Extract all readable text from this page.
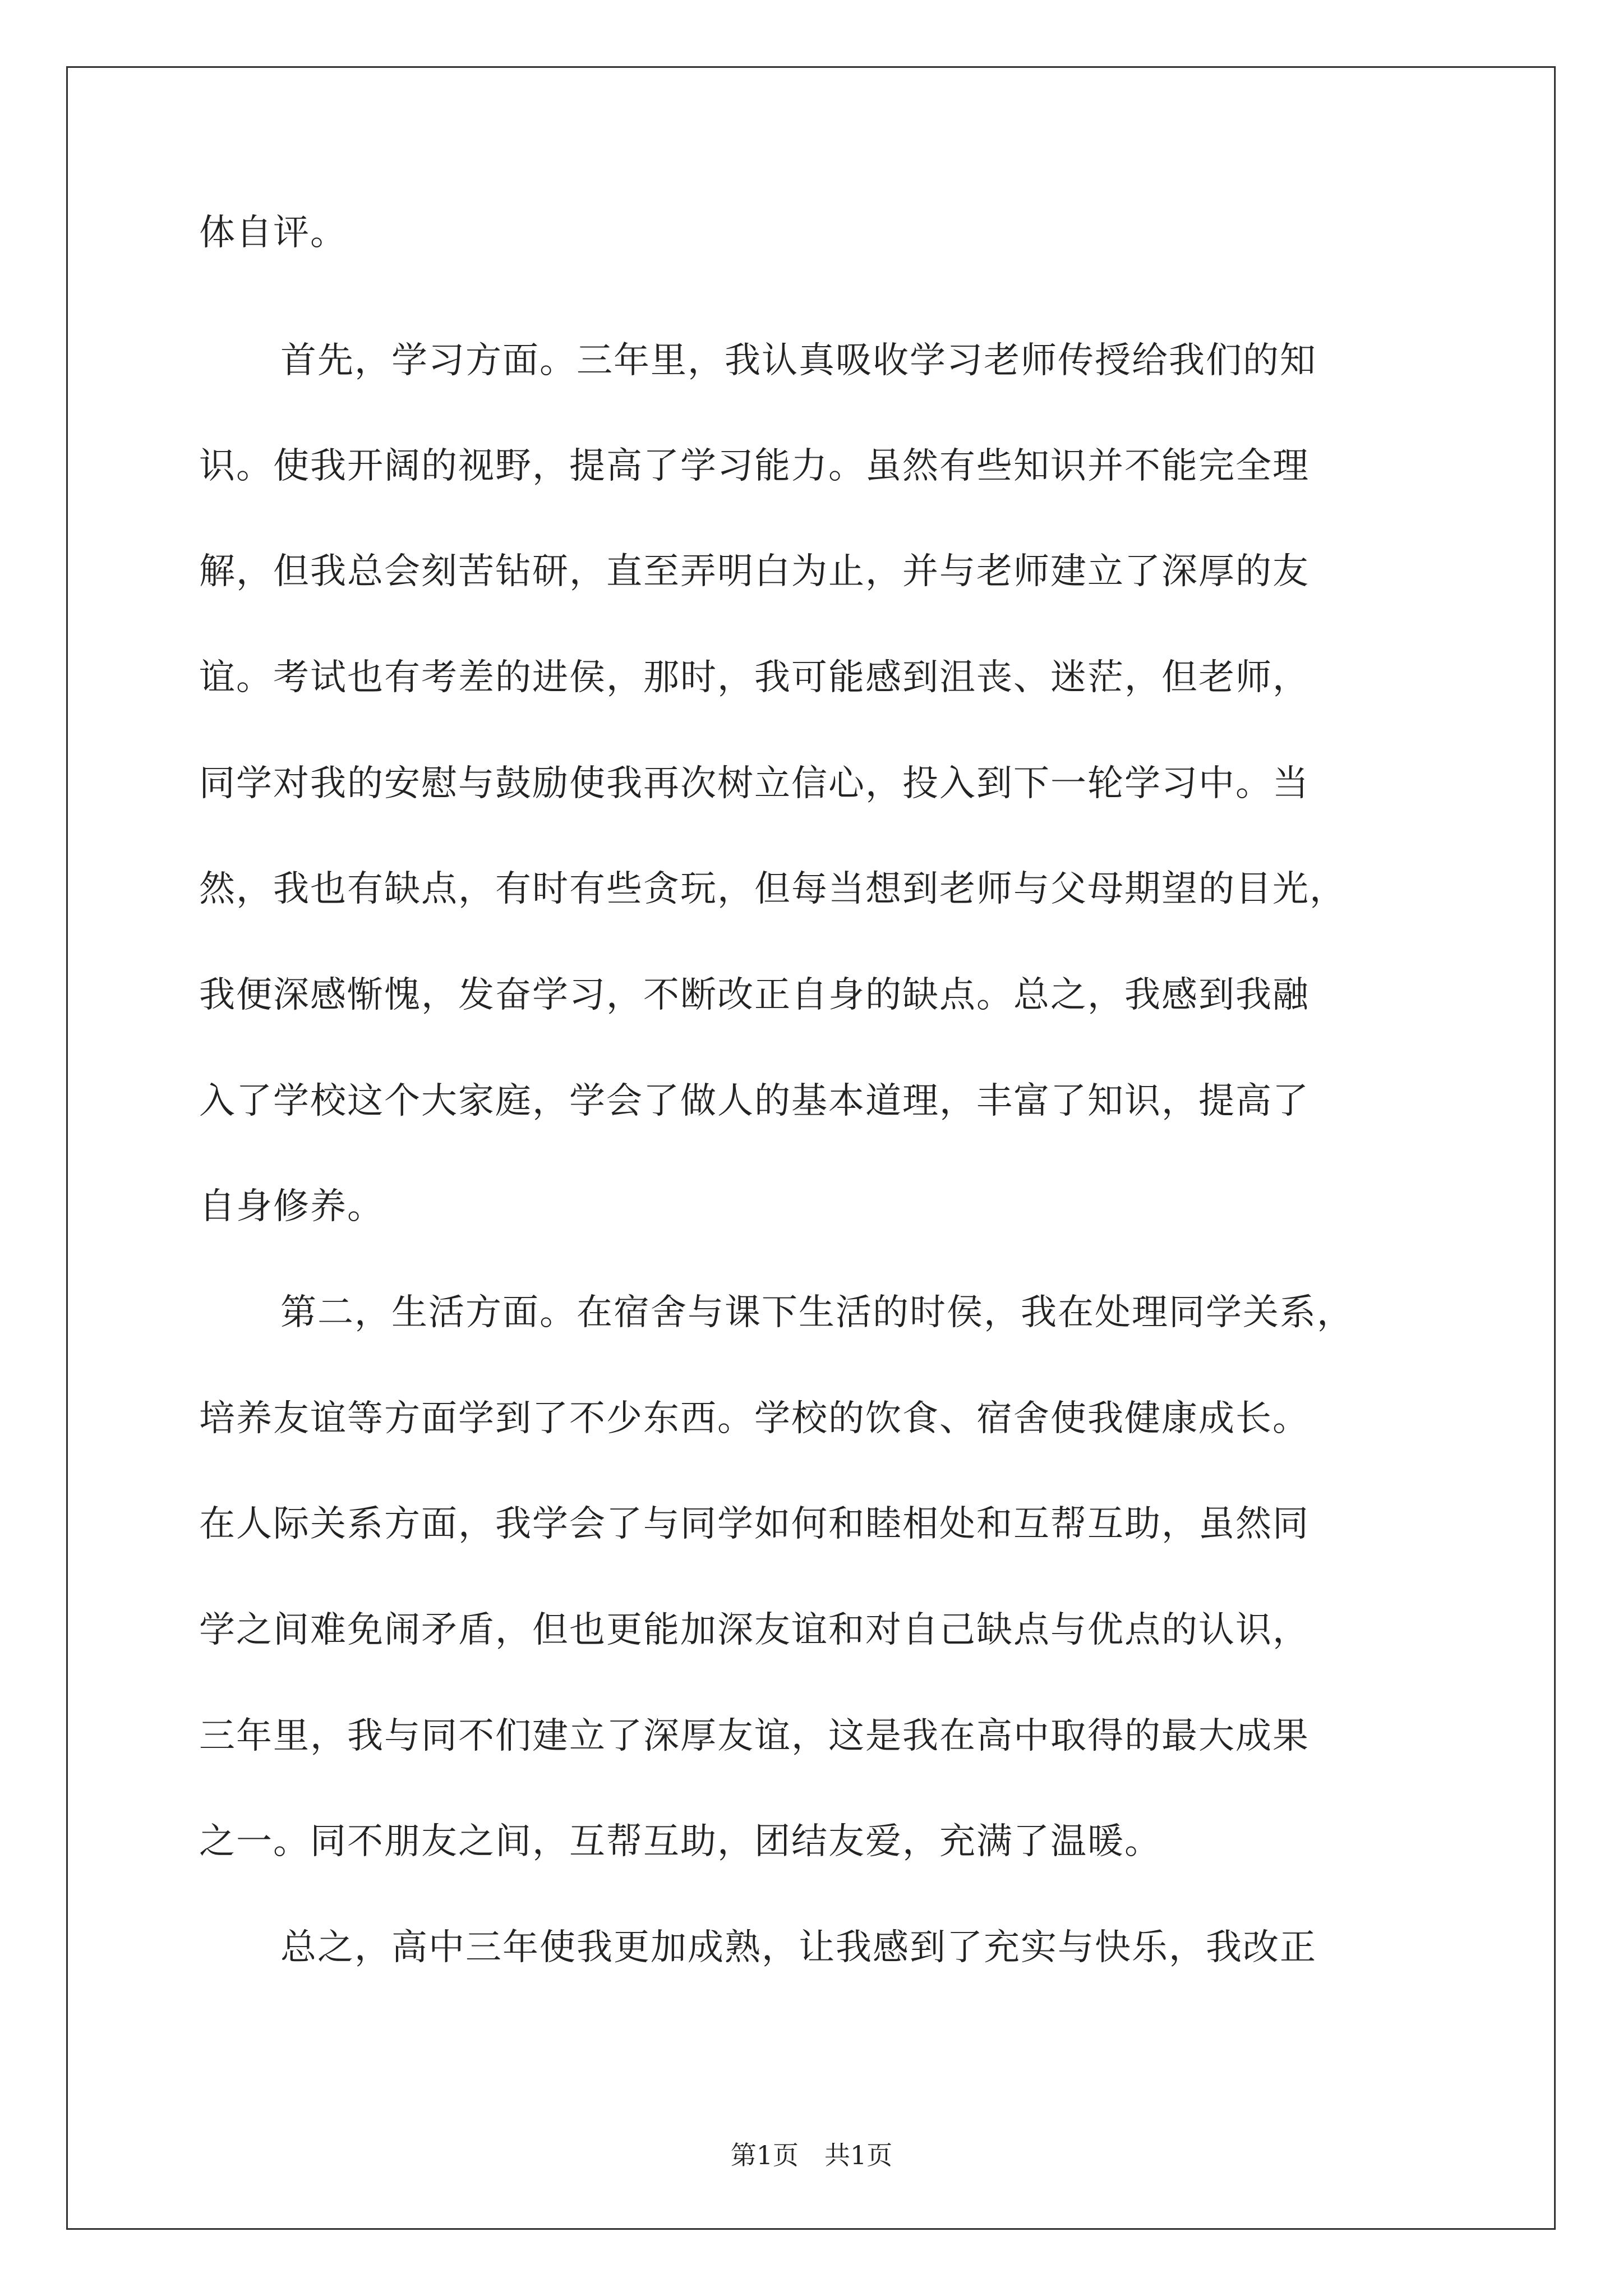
体自评。
首先，学习方面。三年里，我认真吸收学习老师传授给我们的知
识。使我开阔的视野，提高了学习能力。虽然有些知识并不能完全理
解，但我总会刻苦钻研，直至弄明白为止，并与老师建立了深厚的友
谊。考试也有考差的进侯，那时，我可能感到沮丧、迷茫，但老师，
同学对我的安慰与鼓励使我再次树立信心，投入到下一轮学习中。当
然，我也有缺点，有时有些贪玩，但每当想到老师与父母期望的目光，
我便深感惭愧，发奋学习，不断改正自身的缺点。总之，我感到我融
入了学校这个大家庭，学会了做人的基本道理，丰富了知识，提高了
自身修养。
第二，生活方面。在宿舍与课下生活的时侯，我在处理同学关系，
培养友谊等方面学到了不少东西。学校的饮食、宿舍使我健康成长。
在人际关系方面，我学会了与同学如何和睦相处和互帮互助，虽然同
学之间难免闹矛盾，但也更能加深友谊和对自己缺点与优点的认识，
三年里，我与同不们建立了深厚友谊，这是我在高中取得的最大成果
之一。同不朋友之间，互帮互助，团结友爱，充满了温暖。
总之，高中三年使我更加成熟，让我感到了充实与快乐，我改正
第1页　共1页
